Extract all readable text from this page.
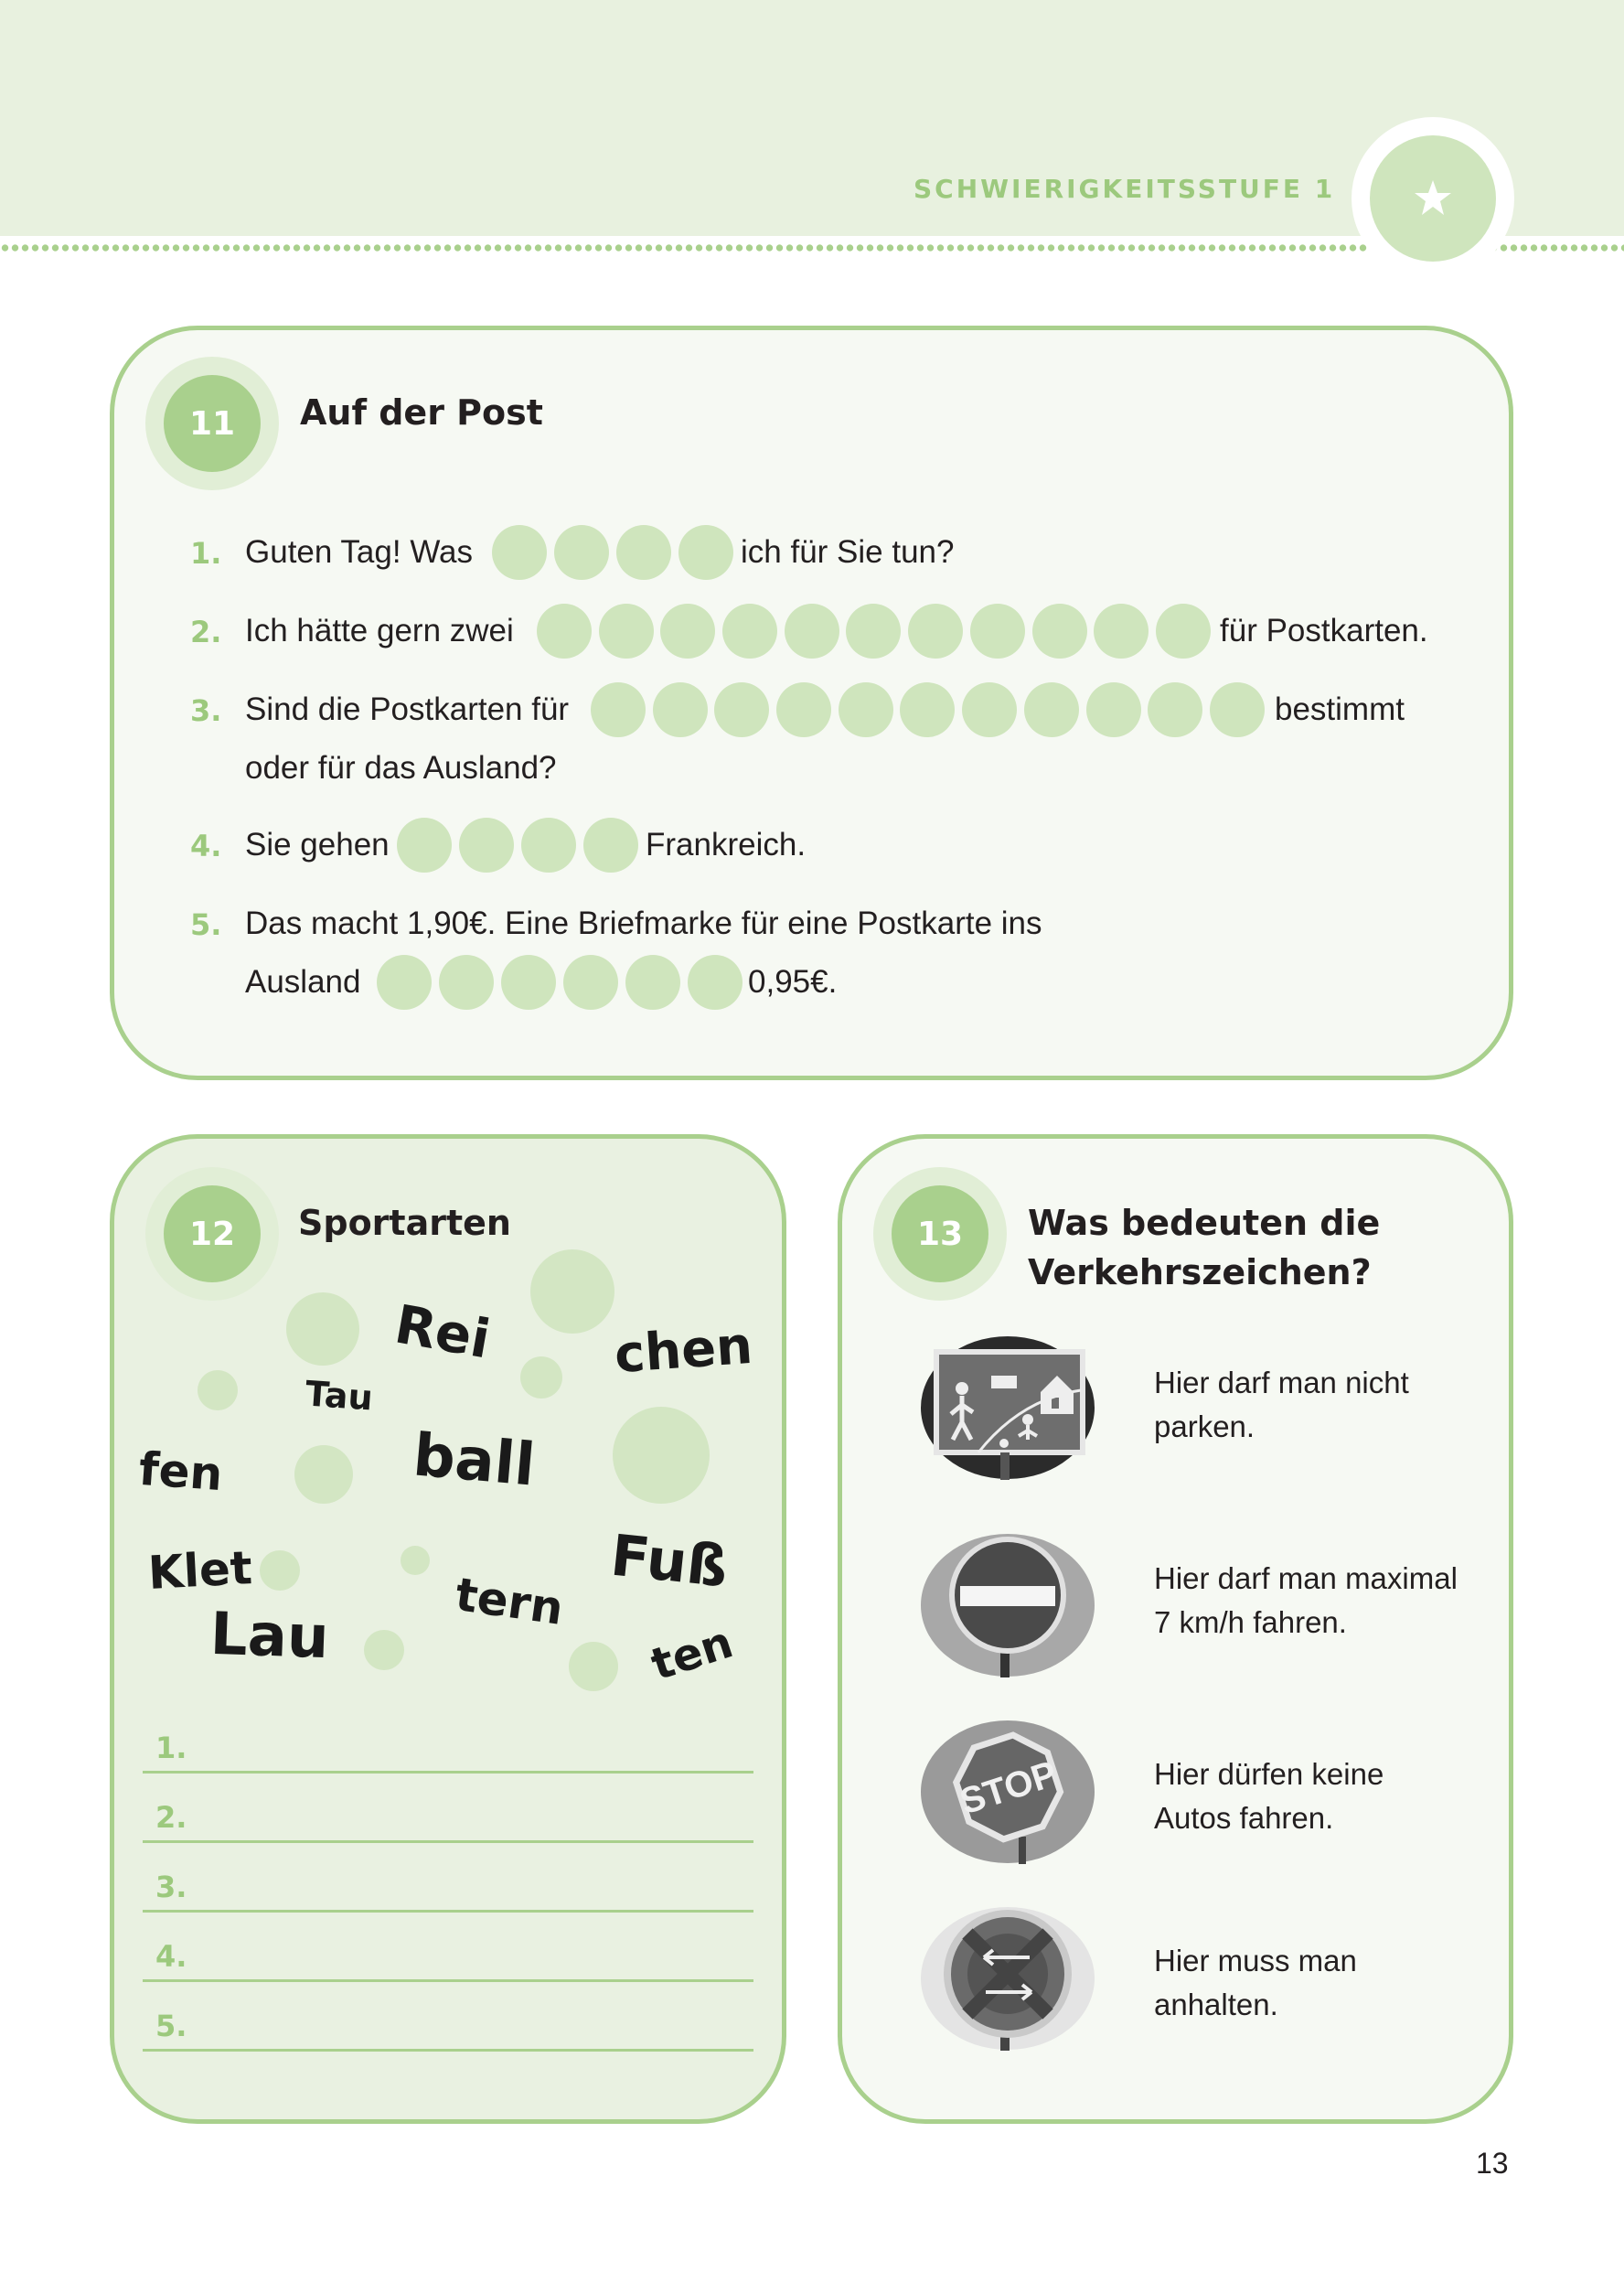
SCHWIERIGKEITSSTUFE 1
11	Auf der Post
1. Guten Tag! Was	ich für Sie tun?
2. Ich hätte gern zwei	für Postkarten.
3. Sind die Postkarten für	bestimmt
oder für das Ausland?
4. Sie gehen	Frankreich.
5. Das macht 1,90€. Eine Briefmarke für eine Postkarte ins
Ausland	0,95€.
12	Sportarten
Rei chen
Tau
fen	ball
Klet	Fuß
tern
Lau	ten
1.
2.
3.
4.
5.
13	Was bedeuten die
Verkehrszeichen?
Hier darf man nicht
parken.
Hier darf man maximal
7 km/h fahren.
STOP	Hier dürfen keine
Autos fahren.
Hier muss man
anhalten.
13
